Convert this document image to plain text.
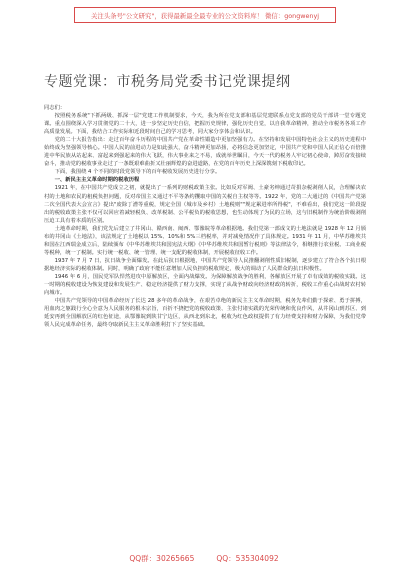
关注头条号"公文研究"，获得最新最全最专业的公文资料库！ 微信：gongwenyj
专题党课：市税务局党委书记党课提纲

同志们：

按照税务系统"下抓两级、抓深一层"党建工作机制要求，今天，我为所在党支部和基层党建联系点党支部的党员干部讲一堂专题党课。重点围绕深入学习贯彻党的二十大，进一步坚定历史自信，把握历史规律，强化历史自觉，以自我革命精神，推动全市税务各项工作高质量发展。下面，我结合工作实际和近段时间自己的学习思考，同大家分享体会和认识。

党的二十大报告指出：走过百年奋斗历程的中国共产党在革命性锻造中更加坚强有力。在坚持和发展中国特色社会主义的历史进程中始终成为坚强领导核心。中国人民的前进动力是如此强大，奋斗精神更加昂扬，必将信念更加坚定，中国共产党和中国人民正信心百倍推进中华民族从站起来、富起来到强起来的伟大飞跃，伟大事业来之不易，成就举世瞩目，今天一代的税务人牢记初心使命，踔厉奋发接续奋斗，推动党的税收事业走过了一条既艰难曲折又壮丽辉煌的奋进道路，在党的百年历史上深深镌刻下税收印记。

下面，我围绕 4 个不同的时段党领导下的百年税收发展历史进行分享。

一、新民主主义革命时期的税收历程

1921 年，在中国共产党成立之初，就提出了一系列的财税政策主张。比如反对军阀、土豪劣绅通过苛捐杂税剥削人民，合理解决农村的土地和农民的租税负担问题，反对帝国主义通过不平等条约攫取中国的关税自主权等等。1922 年，党的二大通过的《中国共产党第二次全国代表大会宣言》提出"废除丁漕等重税，规定全国（城市及乡村）土地税则""规定累进率所得税"，不难看出，我们党这一阶段提出的税收政策主张不仅可以回应着减轻税负、改革税制、公平税负的税收思想，也生动体现了为民的立场，这与旧税制作为统治阶级剥削压迫工具有着本质的区别。

土地革命时期，我们党先后建立了井冈山、赣西南、闽西、鄂豫皖等革命根据地。我们党第一部成文的土地法就是 1928 年 12 月颁布的井冈山《土地法》，该法规定了土地税以 15%、10%和 5%三档税率，并对减免情况作了具体规定。1931 年 11 月，中华苏维埃共和国在江西瑞金成立后，陆续颁布《中华苏维埃共和国宪法大纲》《中华苏维埃共和国暂行税则》等法律法令，相继推行农业税、工商业税等税种，统一了税制。实行统一税收、统一管理、统一支配的税收体制，开展税收征收工作。

1937 年 7 月 7 日，抗日战争全面爆发。在此后抗日根据地，中国共产党领导人民推翻剥削性质旧税制，逐步建立了符合各个抗日根据地经济实际的税收体制。同时，明确了政府不能任意增加人民负担的税收规定，极大的调动了人民群众的抗日积极性。

1946 年 6 月，国民党军队悍然进攻中原解放区，全面内战爆发。为保障解放战争的胜利，各解放区开展了卓有成效的税收实践。这一时期的税收建设为恢复建设和发展生产、稳定经济提供了财力支撑，实现了从战争财政向经济财政的转折，税收工作重心由战时农村转向城市。

中国共产党领导的中国革命经历了长达 28 多年的革命战争，在艰苦卓绝的新民主主义革命时期，税务先辈们勤于探索、勇于拼搏，用血肉之躯践行全心全意为人民服务的根本宗旨，百折不挠把党的税收政策、主张付诸实践的光荣传统和优良作风，从井冈山到苏区、到延安再到全国解放区的红色征途，从鄂豫皖到陕甘宁边区，从西北到东北，税收为红色政权提供了有力经费支持和财力保障，为我们党带领人民完成革命任务，最终夺取新民主主义革命胜利打下了坚实基础。

QQ群：30265665	QQ：535304092
